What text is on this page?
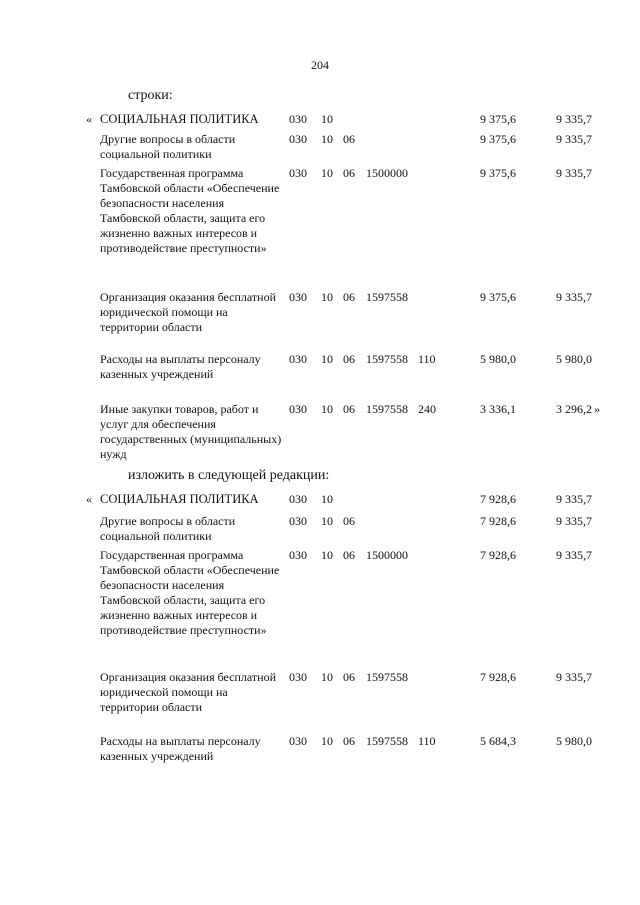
204
строки:
« СОЦИАЛЬНАЯ ПОЛИТИКА	030 10	9 375,6	9 335,7
Другие вопросы в области социальной политики
030 10 06	9 375,6	9 335,7
Государственная программа Тамбовской области «Обеспечение безопасности населения Тамбовской области, защита его жизненно важных интересов и противодействие преступности»
030 10 06 1500000	9 375,6	9 335,7
Организация оказания бесплатной юридической помощи на территории области
030 10 06 1597558	9 375,6	9 335,7
Расходы на выплаты персоналу казенных учреждений
030 10 06 1597558 110	5 980,0	5 980,0
Иные закупки товаров, работ и услуг для обеспечения государственных (муниципальных) нужд
030 10 06 1597558 240	3 336,1	3 296,2 »
изложить в следующей редакции:
« СОЦИАЛЬНАЯ ПОЛИТИКА	030 10	7 928,6	9 335,7
Другие вопросы в области социальной политики
030 10 06	7 928,6	9 335,7
Государственная программа Тамбовской области «Обеспечение безопасности населения Тамбовской области, защита его жизненно важных интересов и противодействие преступности»
030 10 06 1500000	7 928,6	9 335,7
Организация оказания бесплатной юридической помощи на территории области
030 10 06 1597558	7 928,6	9 335,7
Расходы на выплаты персоналу казенных учреждений
030 10 06 1597558 110	5 684,3	5 980,0
